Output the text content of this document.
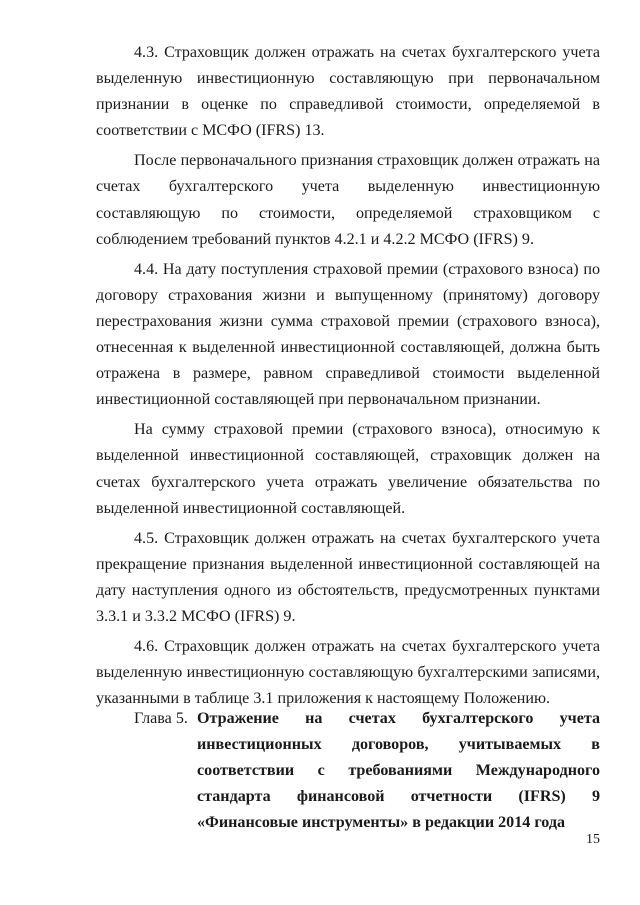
4.3. Страховщик должен отражать на счетах бухгалтерского учета выделенную инвестиционную составляющую при первоначальном признании в оценке по справедливой стоимости, определяемой в соответствии с МСФО (IFRS) 13.

После первоначального признания страховщик должен отражать на счетах бухгалтерского учета выделенную инвестиционную составляющую по стоимости, определяемой страховщиком с соблюдением требований пунктов 4.2.1 и 4.2.2 МСФО (IFRS) 9.

4.4. На дату поступления страховой премии (страхового взноса) по договору страхования жизни и выпущенному (принятому) договору перестрахования жизни сумма страховой премии (страхового взноса), отнесенная к выделенной инвестиционной составляющей, должна быть отражена в размере, равном справедливой стоимости выделенной инвестиционной составляющей при первоначальном признании.

На сумму страховой премии (страхового взноса), относимую к выделенной инвестиционной составляющей, страховщик должен на счетах бухгалтерского учета отражать увеличение обязательства по выделенной инвестиционной составляющей.

4.5. Страховщик должен отражать на счетах бухгалтерского учета прекращение признания выделенной инвестиционной составляющей на дату наступления одного из обстоятельств, предусмотренных пунктами 3.3.1 и 3.3.2 МСФО (IFRS) 9.

4.6. Страховщик должен отражать на счетах бухгалтерского учета выделенную инвестиционную составляющую бухгалтерскими записями, указанными в таблице 3.1 приложения к настоящему Положению.

Глава 5. Отражение на счетах бухгалтерского учета инвестиционных договоров, учитываемых в соответствии с требованиями Международного стандарта финансовой отчетности (IFRS) 9 «Финансовые инструменты» в редакции 2014 года
15
